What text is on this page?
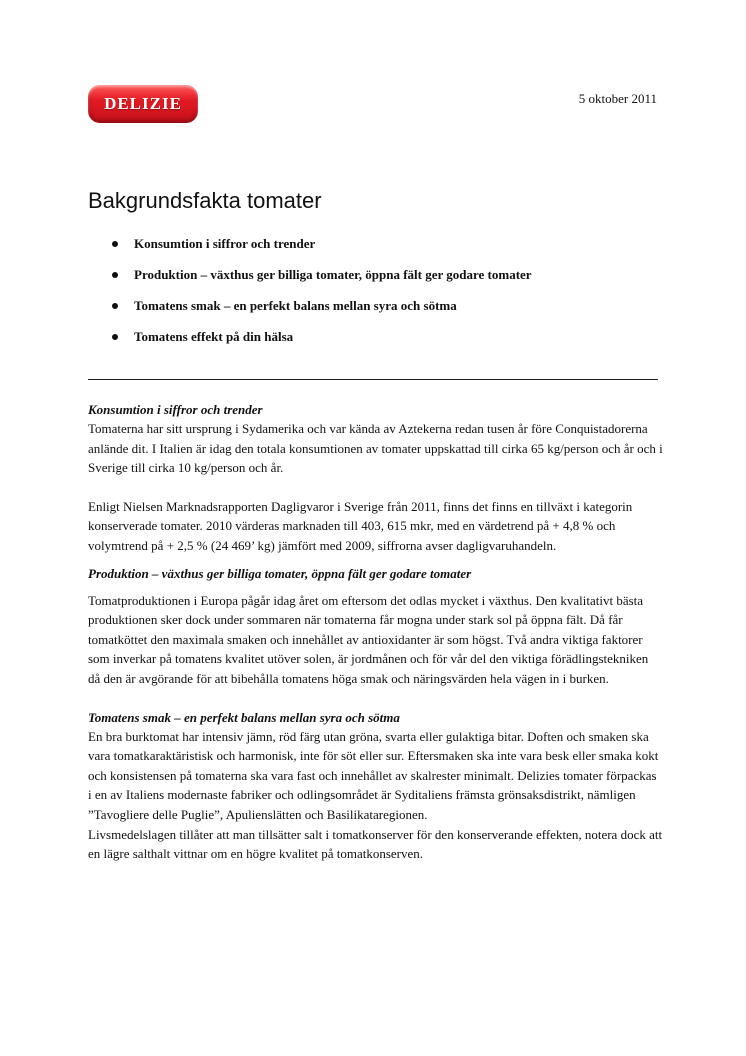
DELIZIE	5 oktober 2011
Bakgrundsfakta tomater
Konsumtion i siffror och trender
Produktion – växthus ger billiga tomater, öppna fält ger godare tomater
Tomatens smak – en perfekt balans mellan syra och sötma
Tomatens effekt på din hälsa
Konsumtion i siffror och trender

Tomaterna har sitt ursprung i Sydamerika och var kända av Aztekerna redan tusen år före Conquistadorerna anlände dit. I Italien är idag den totala konsumtionen av tomater uppskattad till cirka 65 kg/person och år och i Sverige till cirka 10 kg/person och år.

Enligt Nielsen Marknadsrapporten Dagligvaror i Sverige från 2011, finns det finns en tillväxt i kategorin konserverade tomater. 2010 värderas marknaden till 403, 615 mkr, med en värdetrend på + 4,8 % och volymtrend på + 2,5 % (24 469’ kg) jämfört med 2009, siffrorna avser dagligvaruhandeln.

Produktion – växthus ger billiga tomater, öppna fält ger godare tomater

Tomatproduktionen i Europa pågår idag året om eftersom det odlas mycket i växthus. Den kvalitativt bästa produktionen sker dock under sommaren när tomaterna får mogna under stark sol på öppna fält. Då får tomatköttet den maximala smaken och innehållet av antioxidanter är som högst. Två andra viktiga faktorer som inverkar på tomatens kvalitet utöver solen, är jordmånen och för vår del den viktiga förädlingstekniken då den är avgörande för att bibehålla tomatens höga smak och näringsvärden hela vägen in i burken.

Tomatens smak – en perfekt balans mellan syra och sötma

En bra burktomat har intensiv jämn, röd färg utan gröna, svarta eller gulaktiga bitar. Doften och smaken ska vara tomatkaraktäristisk och harmonisk, inte för söt eller sur. Eftersmaken ska inte vara besk eller smaka kokt och konsistensen på tomaterna ska vara fast och innehållet av skalrester minimalt. Delizies tomater förpackas i en av Italiens modernaste fabriker och odlingsområdet är Syditaliens främsta grönsaksdistrikt, nämligen ”Tavogliere delle Puglie”, Apulienslätten och Basilikataregionen.

Livsmedelslagen tillåter att man tillsätter salt i tomatkonserver för den konserverande effekten, notera dock att en lägre salthalt vittnar om en högre kvalitet på tomatkonserven.
